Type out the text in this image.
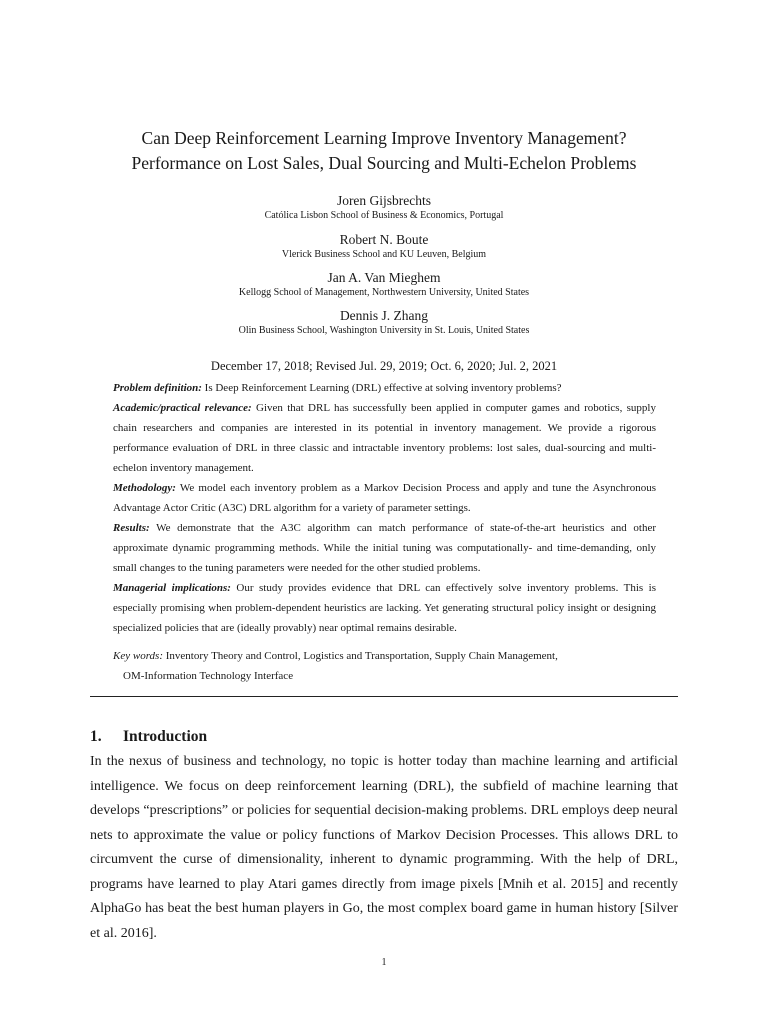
Can Deep Reinforcement Learning Improve Inventory Management?
Performance on Lost Sales, Dual Sourcing and Multi-Echelon Problems
Joren Gijsbrechts
Católica Lisbon School of Business & Economics, Portugal
Robert N. Boute
Vlerick Business School and KU Leuven, Belgium
Jan A. Van Mieghem
Kellogg School of Management, Northwestern University, United States
Dennis J. Zhang
Olin Business School, Washington University in St. Louis, United States
December 17, 2018; Revised Jul. 29, 2019; Oct. 6, 2020; Jul. 2, 2021

Problem definition: Is Deep Reinforcement Learning (DRL) effective at solving inventory problems?

Academic/practical relevance: Given that DRL has successfully been applied in computer games and robotics, supply chain researchers and companies are interested in its potential in inventory management. We provide a rigorous performance evaluation of DRL in three classic and intractable inventory problems: lost sales, dual-sourcing and multi-echelon inventory management.

Methodology: We model each inventory problem as a Markov Decision Process and apply and tune the Asynchronous Advantage Actor Critic (A3C) DRL algorithm for a variety of parameter settings.

Results: We demonstrate that the A3C algorithm can match performance of state-of-the-art heuristics and other approximate dynamic programming methods. While the initial tuning was computationally- and time-demanding, only small changes to the tuning parameters were needed for the other studied problems.

Managerial implications: Our study provides evidence that DRL can effectively solve inventory problems. This is especially promising when problem-dependent heuristics are lacking. Yet generating structural policy insight or designing specialized policies that are (ideally provably) near optimal remains desirable.

Key words: Inventory Theory and Control, Logistics and Transportation, Supply Chain Management,
OM-Information Technology Interface
1. Introduction

In the nexus of business and technology, no topic is hotter today than machine learning and artificial intelligence. We focus on deep reinforcement learning (DRL), the subfield of machine learning that develops “prescriptions” or policies for sequential decision-making problems. DRL employs deep neural nets to approximate the value or policy functions of Markov Decision Processes. This allows DRL to circumvent the curse of dimensionality, inherent to dynamic programming. With the help of DRL, programs have learned to play Atari games directly from image pixels [Mnih et al. 2015] and recently AlphaGo has beat the best human players in Go, the most complex board game in human history [Silver et al. 2016].

1
